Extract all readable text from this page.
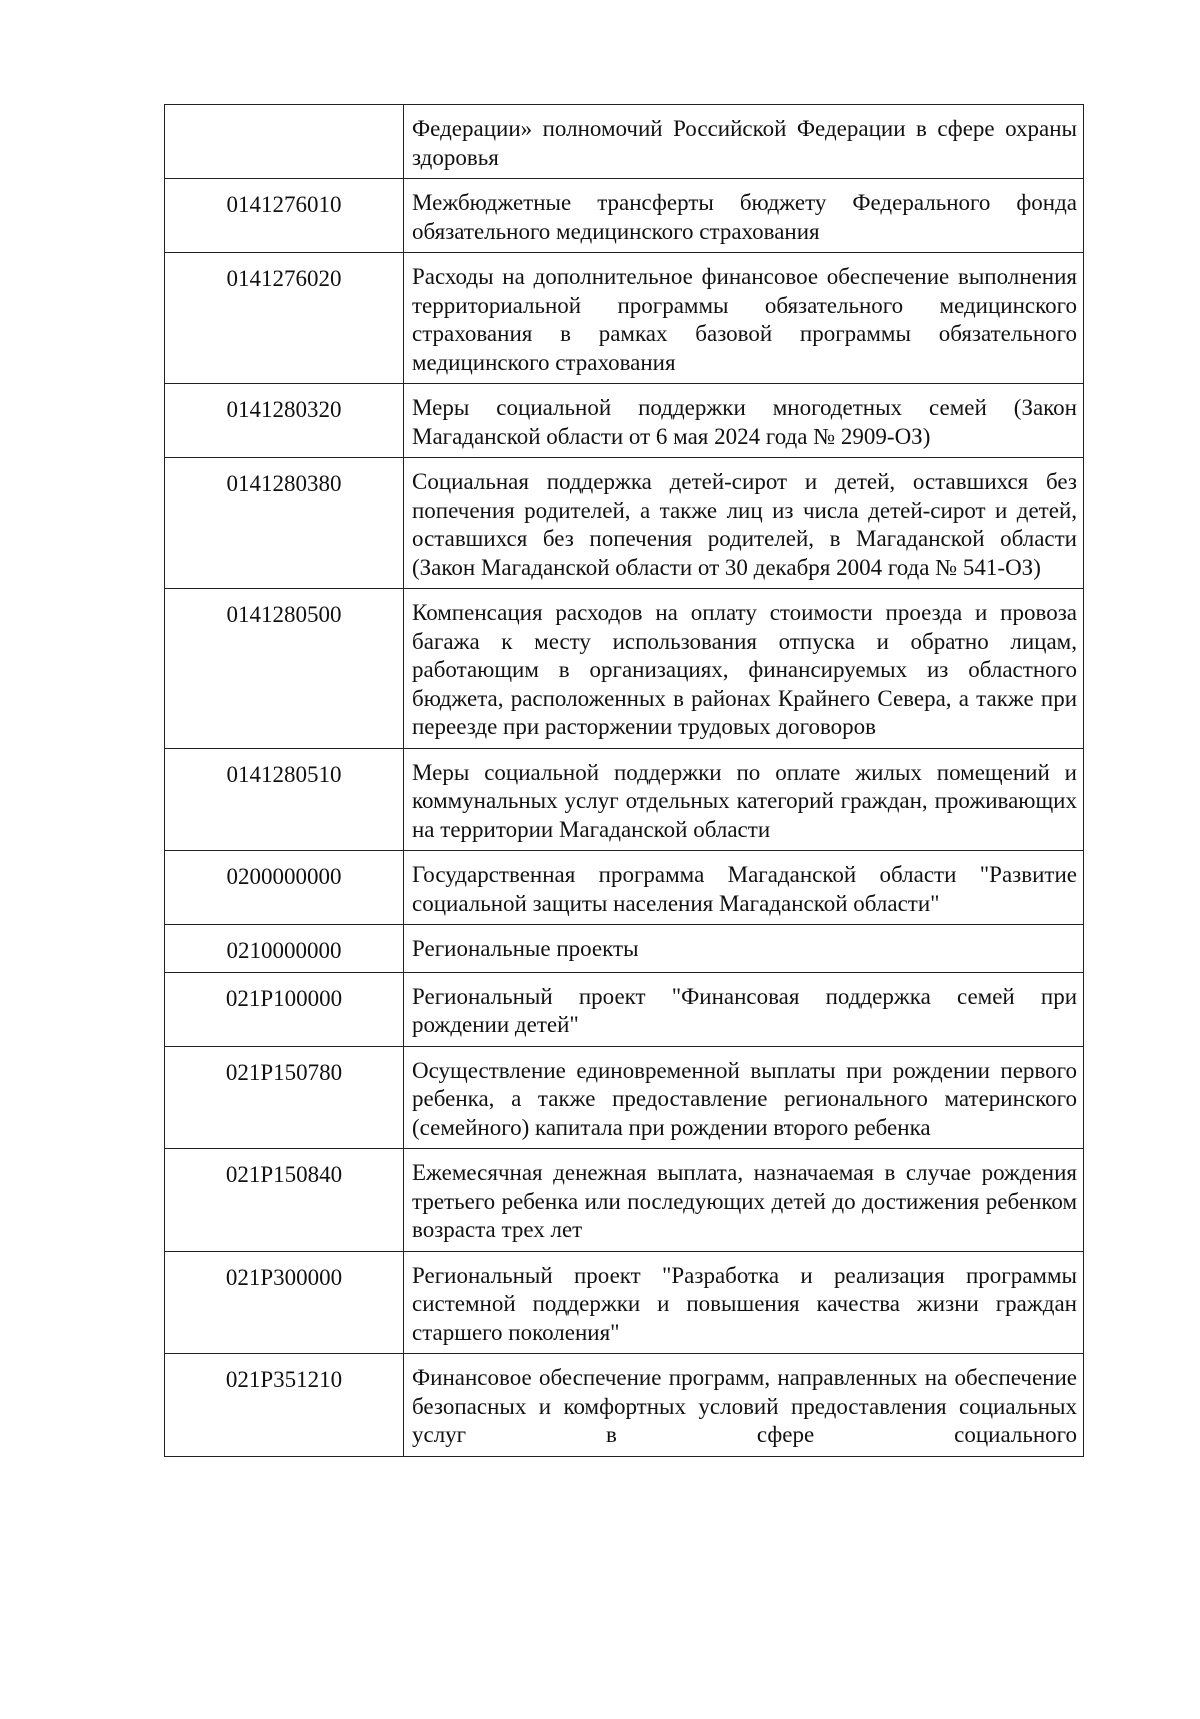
	Федерации» полномочий Российской Федерации в сфере охраны здоровья

0141276010	Межбюджетные трансферты бюджету Федерального фонда обязательного медицинского страхования

0141276020	Расходы на дополнительное финансовое обеспечение выполнения территориальной программы обязательного медицинского страхования в рамках базовой программы обязательного медицинского страхования

0141280320	Меры социальной поддержки многодетных семей (Закон Магаданской области от 6 мая 2024 года № 2909-ОЗ)

0141280380	Социальная поддержка детей-сирот и детей, оставшихся без попечения родителей, а также лиц из числа детей-сирот и детей, оставшихся без попечения родителей, в Магаданской области (Закон Магаданской области от 30 декабря 2004 года № 541-ОЗ)

0141280500	Компенсация расходов на оплату стоимости проезда и провоза багажа к месту использования отпуска и обратно лицам, работающим в организациях, финансируемых из областного бюджета, расположенных в районах Крайнего Севера, а также при переезде при расторжении трудовых договоров

0141280510	Меры социальной поддержки по оплате жилых помещений и коммунальных услуг отдельных категорий граждан, проживающих на территории Магаданской области

0200000000	Государственная программа Магаданской области "Развитие социальной защиты населения Магаданской области"

0210000000	Региональные проекты

021P100000	Региональный проект "Финансовая поддержка семей при рождении детей"

021P150780	Осуществление единовременной выплаты при рождении первого ребенка, а также предоставление регионального материнского (семейного) капитала при рождении второго ребенка

021P150840	Ежемесячная денежная выплата, назначаемая в случае рождения третьего ребенка или последующих детей до достижения ребенком возраста трех лет

021P300000	Региональный проект "Разработка и реализация программы системной поддержки и повышения качества жизни граждан старшего поколения"

021P351210	Финансовое обеспечение программ, направленных на обеспечение безопасных и комфортных условий предоставления социальных услуг в сфере социального
